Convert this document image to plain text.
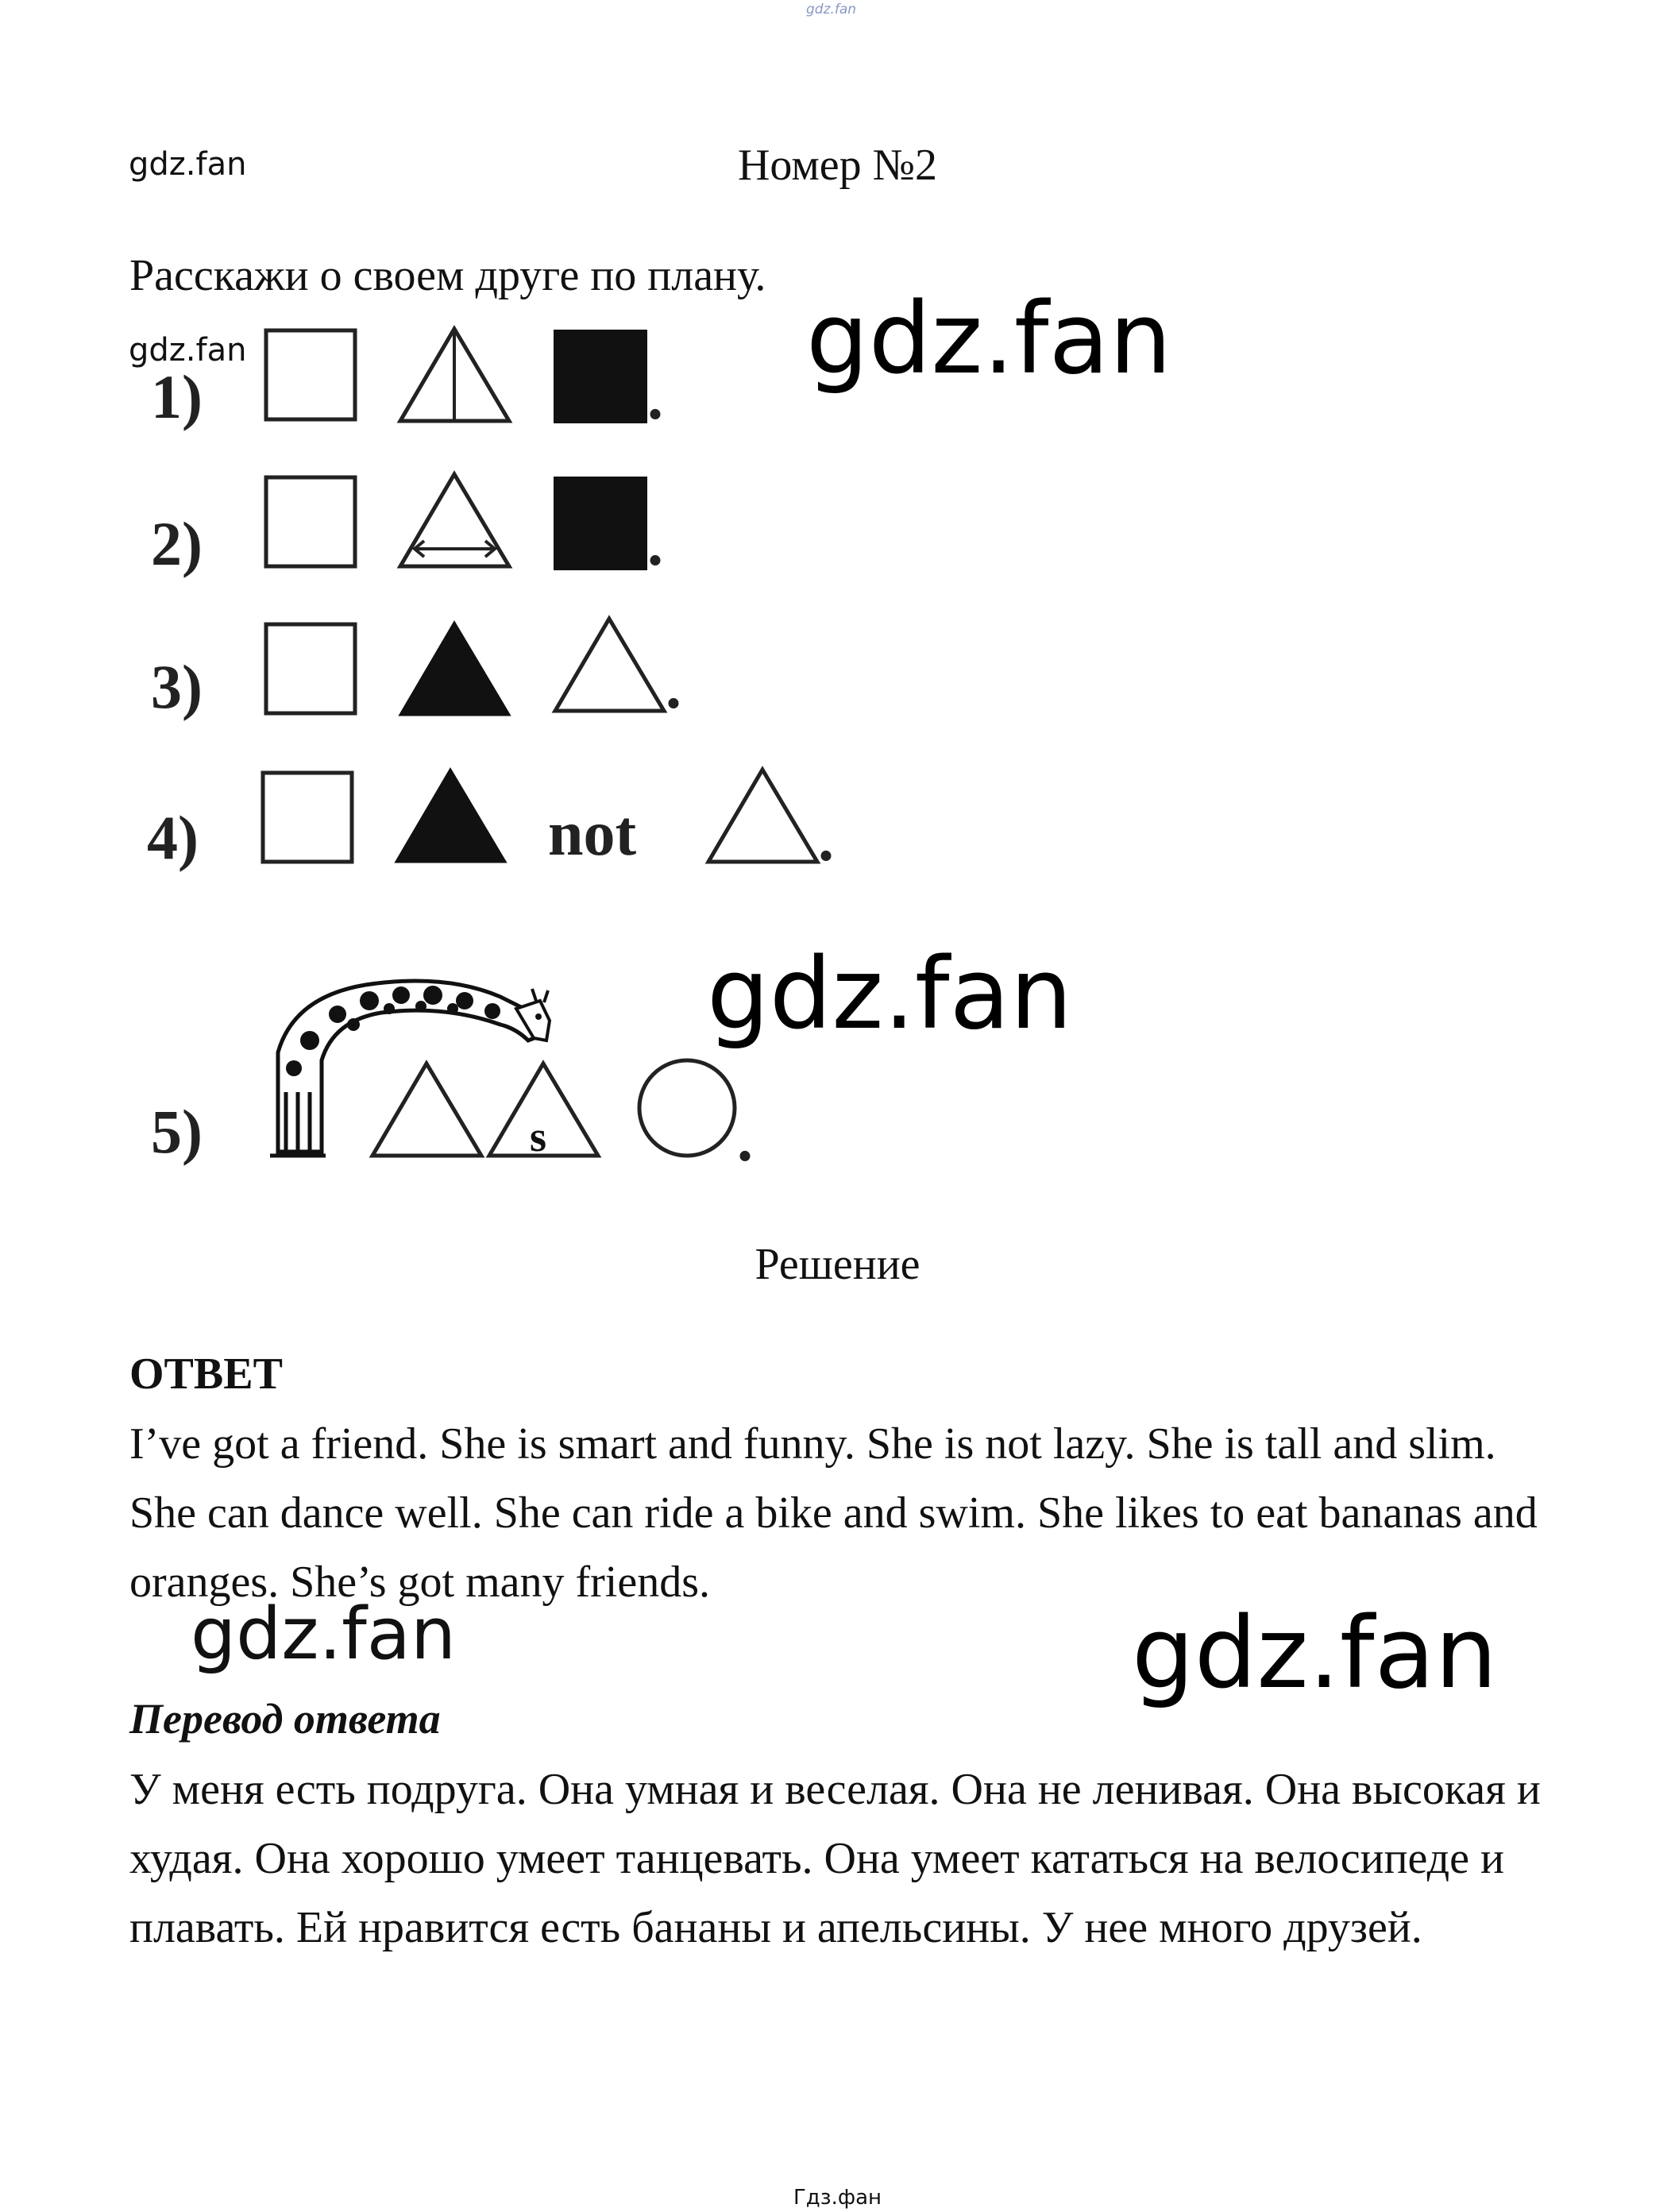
gdz.fan
gdz.fan
gdz.fan	gdz.fan
gdz.fan
gdz.fan	gdz.fan
Номер №2
Расскажи о своем друге по плану.
1)	.
2)	.
3)	.
4)	not	.
5)	s	.
Решение
ОТВЕТ
I’ve got a friend. She is smart and funny. She is not lazy. She is tall and slim. She can dance well. She can ride a bike and swim. She likes to eat bananas and oranges. She’s got many friends.
Перевод ответа
У меня есть подруга. Она умная и веселая. Она не ленивая. Она высокая и худая. Она хорошо умеет танцевать. Она умеет кататься на велосипеде и плавать. Ей нравится есть бананы и апельсины. У нее много друзей.
Гдз.фан
